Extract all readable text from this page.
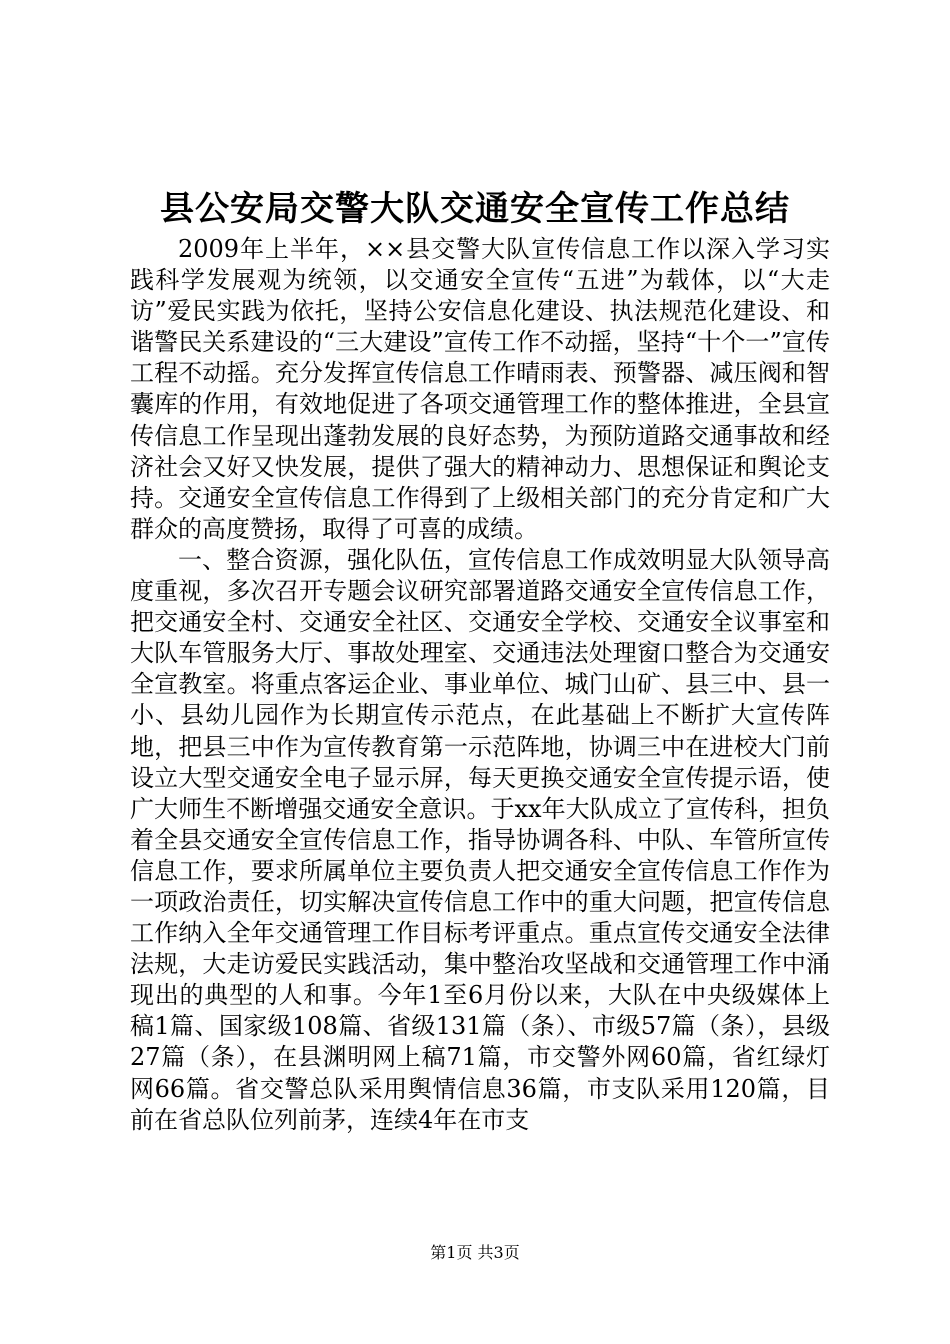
县公安局交警大队交通安全宣传工作总结

2009年上半年，××县交警大队宣传信息工作以深入学习实践科学发展观为统领，以交通安全宣传“五进”为载体，以“大走访”爱民实践为依托，坚持公安信息化建设、执法规范化建设、和谐警民关系建设的“三大建设”宣传工作不动摇，坚持“十个一”宣传工程不动摇。充分发挥宣传信息工作晴雨表、预警器、减压阀和智囊库的作用，有效地促进了各项交通管理工作的整体推进，全县宣传信息工作呈现出蓬勃发展的良好态势，为预防道路交通事故和经济社会又好又快发展，提供了强大的精神动力、思想保证和舆论支持。交通安全宣传信息工作得到了上级相关部门的充分肯定和广大群众的高度赞扬，取得了可喜的成绩。

一、整合资源，强化队伍，宣传信息工作成效明显大队领导高度重视，多次召开专题会议研究部署道路交通安全宣传信息工作，把交通安全村、交通安全社区、交通安全学校、交通安全议事室和大队车管服务大厅、事故处理室、交通违法处理窗口整合为交通安全宣教室。将重点客运企业、事业单位、城门山矿、县三中、县一小、县幼儿园作为长期宣传示范点，在此基础上不断扩大宣传阵地，把县三中作为宣传教育第一示范阵地，协调三中在进校大门前设立大型交通安全电子显示屏，每天更换交通安全宣传提示语，使广大师生不断增强交通安全意识。于xx年大队成立了宣传科，担负着全县交通安全宣传信息工作，指导协调各科、中队、车管所宣传信息工作，要求所属单位主要负责人把交通安全宣传信息工作作为一项政治责任，切实解决宣传信息工作中的重大问题，把宣传信息工作纳入全年交通管理工作目标考评重点。重点宣传交通安全法律法规，大走访爱民实践活动，集中整治攻坚战和交通管理工作中涌现出的典型的人和事。今年1至6月份以来，大队在中央级媒体上稿1篇、国家级108篇、省级131篇（条）、市级57篇（条），县级27篇（条），在县渊明网上稿71篇，市交警外网60篇，省红绿灯网66篇。省交警总队采用舆情信息36篇，市支队采用120篇，目前在省总队位列前茅，连续4年在市支

第1页 共3页
